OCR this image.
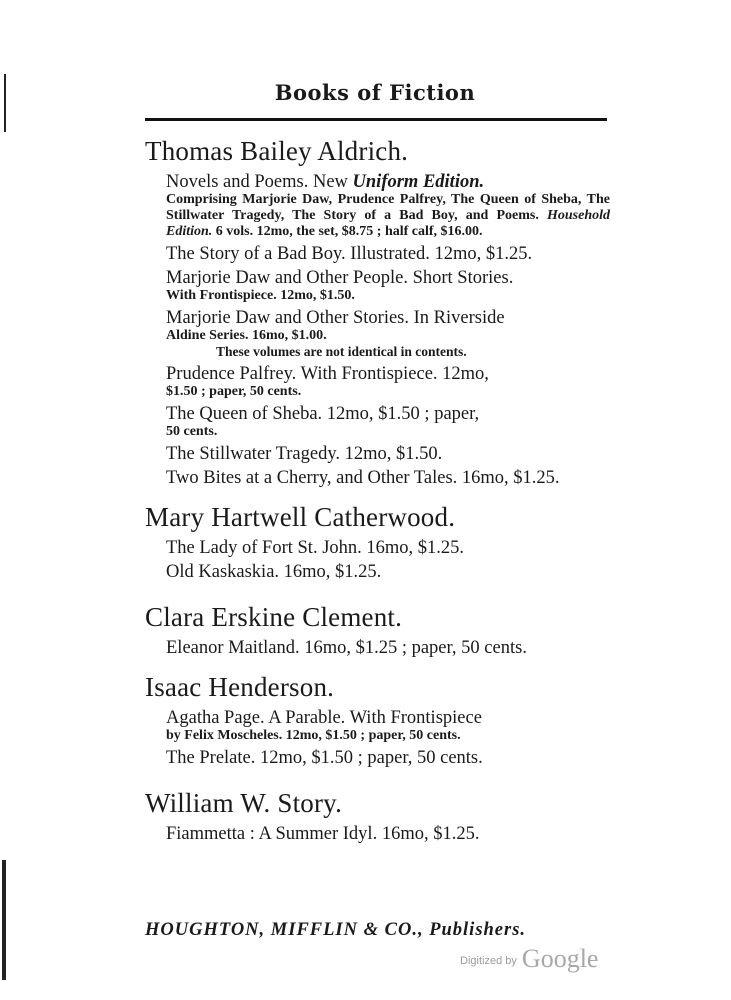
Books of Fiction
Thomas Bailey Aldrich.
Novels and Poems. New Uniform Edition.
Comprising Marjorie Daw, Prudence Palfrey, The Queen of Sheba, The Stillwater Tragedy, The Story of a Bad Boy, and Poems. Household Edition. 6 vols. 12mo, the set, $8.75 ; half calf, $16.00.
The Story of a Bad Boy. Illustrated. 12mo, $1.25.
Marjorie Daw and Other People. Short Stories.
With Frontispiece. 12mo, $1.50.
Marjorie Daw and Other Stories. In Riverside
Aldine Series. 16mo, $1.00.
These volumes are not identical in contents.
Prudence Palfrey. With Frontispiece. 12mo,
$1.50 ; paper, 50 cents.
The Queen of Sheba. 12mo, $1.50 ; paper,
50 cents.
The Stillwater Tragedy. 12mo, $1.50.
Two Bites at a Cherry, and Other Tales. 16mo, $1.25.
Mary Hartwell Catherwood.
The Lady of Fort St. John. 16mo, $1.25.
Old Kaskaskia. 16mo, $1.25.
Clara Erskine Clement.
Eleanor Maitland. 16mo, $1.25 ; paper, 50 cents.
Isaac Henderson.
Agatha Page. A Parable. With Frontispiece
by Felix Moscheles. 12mo, $1.50 ; paper, 50 cents.
The Prelate. 12mo, $1.50 ; paper, 50 cents.
William W. Story.
Fiammetta : A Summer Idyl. 16mo, $1.25.
HOUGHTON, MIFFLIN & CO., Publishers.
Digitized by Google
